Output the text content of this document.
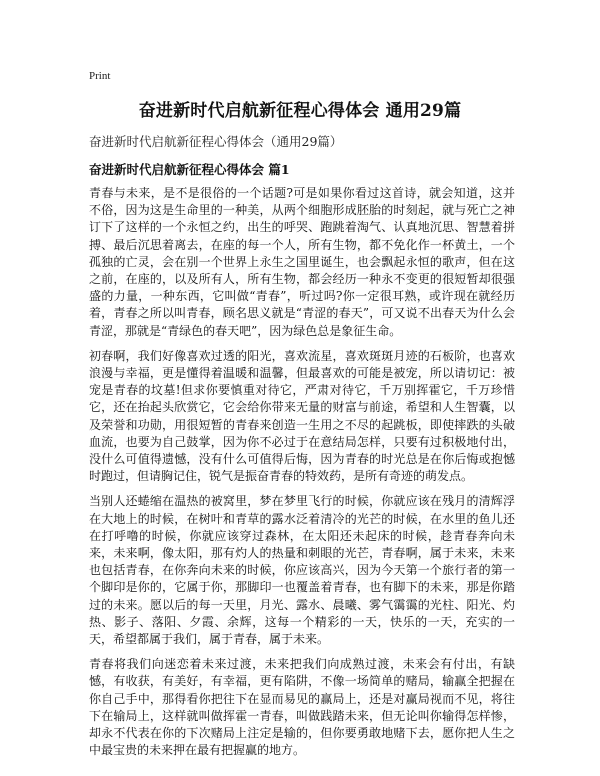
Print
奋进新时代启航新征程心得体会 通用29篇
奋进新时代启航新征程心得体会（通用29篇）
奋进新时代启航新征程心得体会 篇1

青春与未来，是不是很俗的一个话题?可是如果你看过这首诗，就会知道，这并不俗，因为这是生命里的一种美，从两个细胞形成胚胎的时刻起，就与死亡之神订下了这样的一个永恒之约，出生的呼哭、跑跳着淘气、认真地沉思、智慧着拼搏、最后沉思着离去，在座的每一个人，所有生物，都不免化作一杯黄土，一个孤独的亡灵，会在别一个世界上永生之国里诞生，也会飘起永恒的歌声，但在这之前，在座的，以及所有人，所有生物，都会经历一种永不变更的很短暂却很强盛的力量，一种东西，它叫做“青春”，听过吗?你一定很耳熟，或许现在就经历着，青春之所以叫青春，顾名思义就是“青涩的春天”，可又说不出春天为什么会青涩，那就是“青绿色的春天吧”，因为绿色总是象征生命。

初春啊，我们好像喜欢过透的阳光，喜欢流星，喜欢斑斑月迹的石板阶，也喜欢浪漫与幸福，更是懂得着温暖和温馨，但最喜欢的可能是被宠，所以请切记：被宠是青春的坟墓!但求你要慎重对待它，严肃对待它，千万别挥霍它，千万珍惜它，还在抬起头欣赏它，它会给你带来无量的财富与前途，希望和人生智囊，以及荣誉和功勋，用很短暂的青春来创造一生用之不尽的起跳板，即使摔跌的头破血流，也要为自己鼓掌，因为你不必过于在意结局怎样，只要有过积极地付出，没什么可值得遗憾，没有什么可值得后悔，因为青春的时光总是在你后悔或抱憾时跑过，但请胸记住，锐气是振奋青春的特效药，是所有奇迹的萌发点。

当别人还蜷缩在温热的被窝里，梦在梦里飞行的时候，你就应该在残月的清辉浮在大地上的时候，在树叶和青草的露水泛着清冷的光芒的时候，在水里的鱼儿还在打呼噜的时候，你就应该穿过森林，在太阳还未起床的时候，趁青春奔向未来，未来啊，像太阳，那有灼人的热量和刺眼的光芒，青春啊，属于未来，未来也包括青春，在你奔向未来的时候，你应该高兴，因为今天第一个旅行者的第一个脚印是你的，它属于你，那脚印一也覆盖着青春，也有脚下的未来，那是你踏过的未来。愿以后的每一天里，月光、露水、晨曦、雾气霭霭的光柱、阳光、灼热、影子、落阳、夕霞、余辉，这每一个精彩的一天，快乐的一天，充实的一天，希望都属于我们，属于青春，属于未来。

青春将我们向迷恋着未来过渡，未来把我们向成熟过渡，未来会有付出，有缺憾，有收获，有美好，有幸福，更有陷阱，不像一场简单的赌局，输赢全把握在你自己手中，那得看你把往下在显而易见的赢局上，还是对赢局视而不见，将往下在输局上，这样就叫做挥霍一青春，叫做践踏未来，但无论叫你输得怎样惨，却永不代表在你的下次赌局上注定是输的，但你要勇敢地赌下去，愿你把人生之中最宝贵的未来押在最有把握赢的地方。
